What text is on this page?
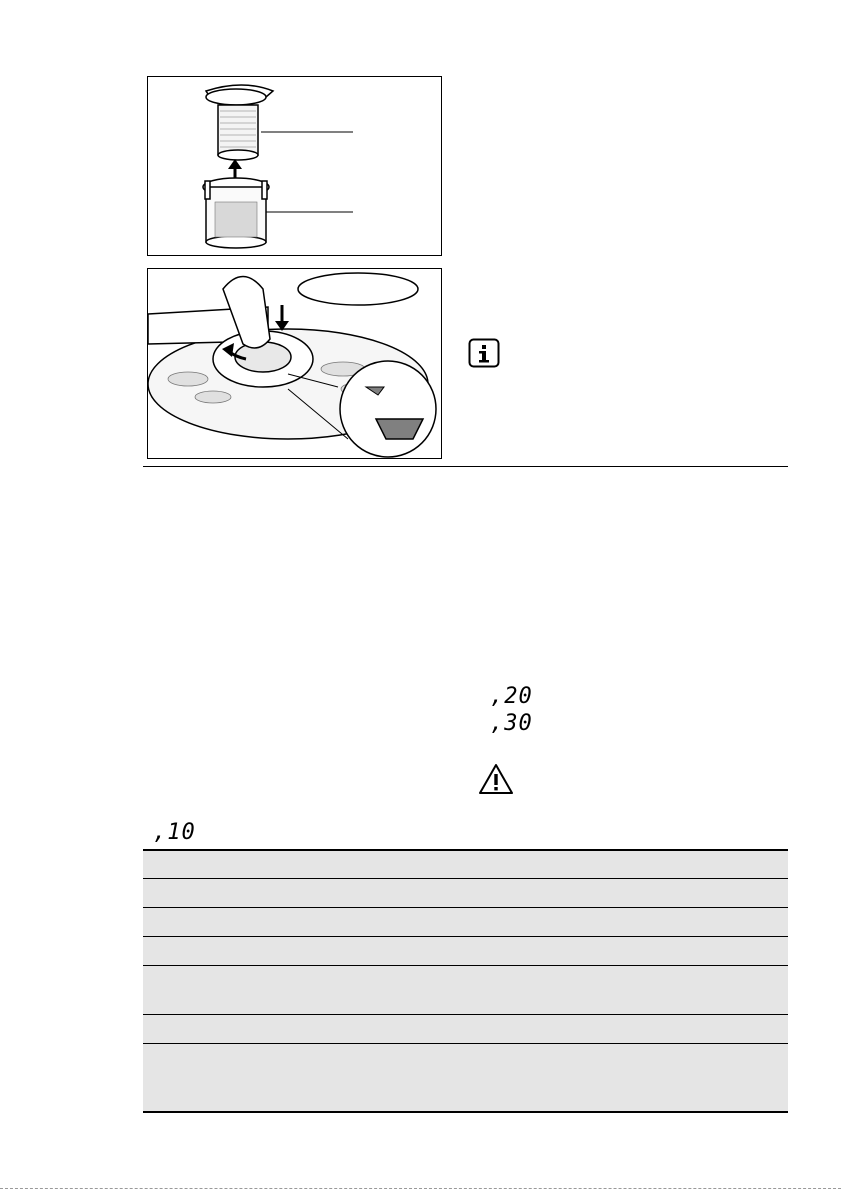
,20
,30
,10
